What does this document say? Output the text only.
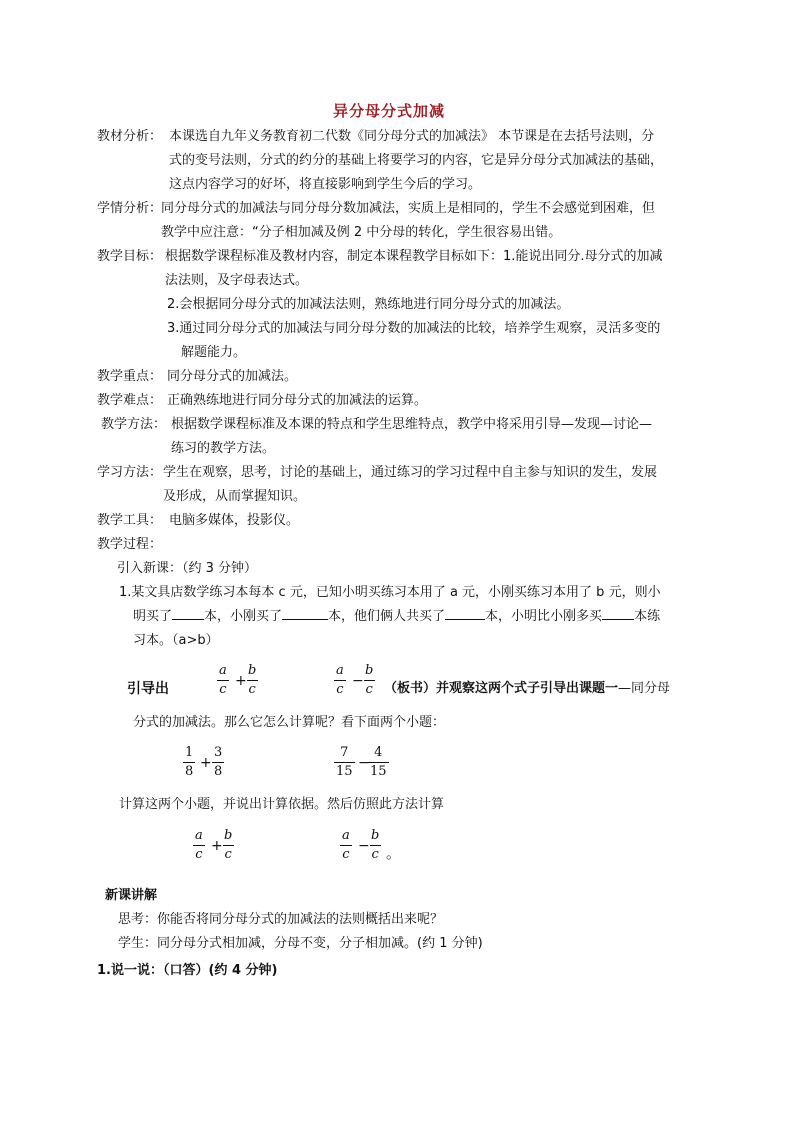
异分母分式加减
教材分析： 本课选自九年义务教育初二代数《同分母分式的加减法》 本节课是在去括号法则，分
式的变号法则，分式的约分的基础上将要学习的内容，它是异分母分式加减法的基础，
这点内容学习的好坏，将直接影响到学生今后的学习。
学情分析：
同分母分式的加减法与同分母分数加减法，实质上是相同的，学生不会感觉到困难，但
教学中应注意：“分子相加减及例 2 中分母的转化，学生很容易出错。
教学目标： 根据数学课程标准及教材内容，制定本课程教学目标如下：1.能说出同分.母分式的加减
法法则，及字母表达式。
2.会根据同分母分式的加减法法则，熟练地进行同分母分式的加减法。
3.通过同分母分式的加减法与同分母分数的加减法的比较，培养学生观察，灵活多变的
解题能力。
教学重点： 同分母分式的加减法。
教学难点： 正确熟练地进行同分母分式的加减法的运算。
教学方法： 根据数学课程标准及本课的特点和学生思维特点，教学中将采用引导—发现—讨论—
练习的教学方法。
学习方法： 学生在观察，思考，讨论的基础上，通过练习的学习过程中自主参与知识的发生，发展
及形成，从而掌握知识。
教学工具： 电脑多媒体，投影仪。
教学过程：
引入新课：（约 3 分钟）
1.某文具店数学练习本每本 c 元，已知小明买练习本用了 a 元，小刚买练习本用了 b 元，则小
明买了 本，小刚买了	本，他们俩人共买了	本，小明比小刚多买 本练
习本。（a>b）
引导出	$\frac{a}{c} + \frac{b}{c}$	$\frac{a}{c} - \frac{b}{c}$ （板书）并观察这两个式子引导出课题一—同分母
分式的加减法。那么它怎么计算呢？看下面两个小题：
$\frac{1}{8} + \frac{3}{8}$	$\frac{7}{15}$ −
$\frac{4}{15}$
计算这两个小题，并说出计算依据。然后仿照此方法计算
$\frac{a}{c} + \frac{b}{c}$	$\frac{a}{c} - \frac{b}{c}$ 。
新课讲解
思考：你能否将同分母分式的加减法的法则概括出来呢？
学生：同分母分式相加减，分母不变，分子相加减。(约 1 分钟)
1.说一说：（口答）(约 4 分钟)
